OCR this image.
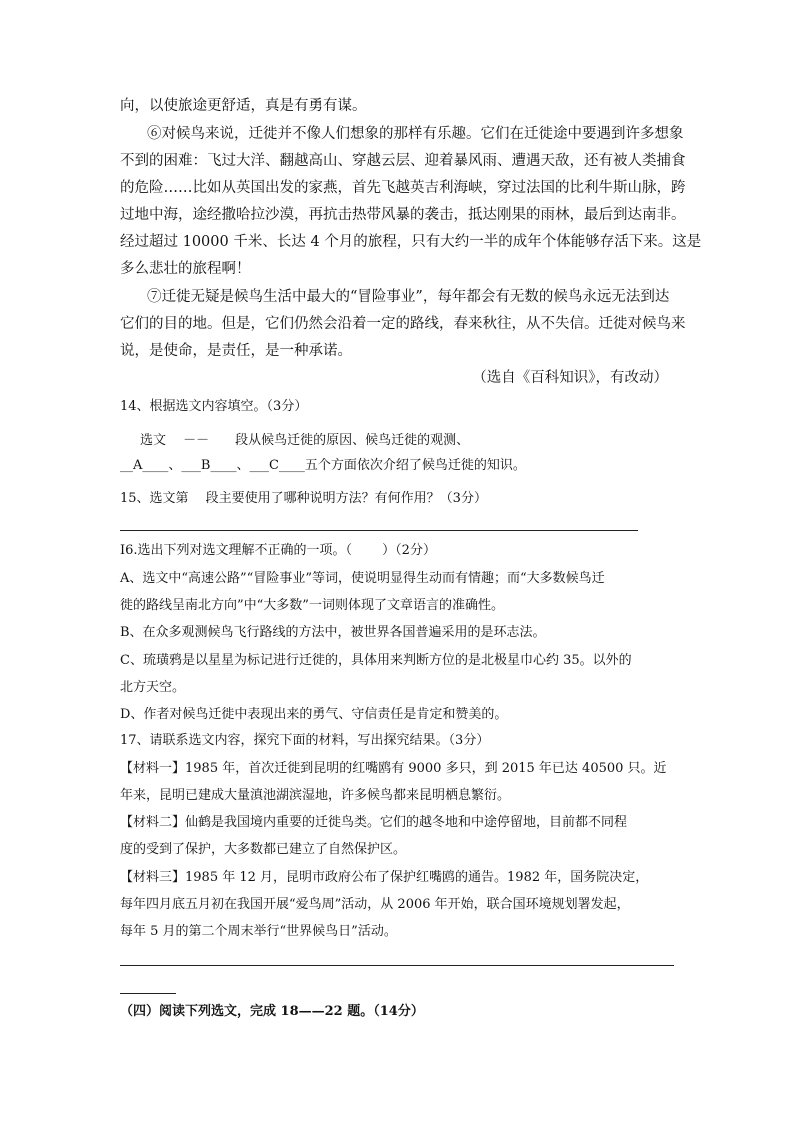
向，以使旅途更舒适，真是有勇有谋。
⑥对候鸟来说，迁徙并不像人们想象的那样有乐趣。它们在迁徙途中要遇到许多想象
不到的困难：飞过大洋、翻越高山、穿越云层、迎着暴风雨、遭遇天敌，还有被人类捕食
的危险……比如从英国出发的家燕，首先飞越英吉利海峡，穿过法国的比利牛斯山脉，跨
过地中海，途经撒哈拉沙漠，再抗击热带风暴的袭击，抵达刚果的雨林，最后到达南非。
经过超过 10000 千米、长达 4 个月的旅程，只有大约一半的成年个体能够存活下来。这是
多么悲壮的旅程啊！
⑦迁徙无疑是候鸟生活中最大的“冒险事业”，每年都会有无数的候鸟永远无法到达
它们的目的地。但是，它们仍然会沿着一定的路线，春来秋往，从不失信。迁徙对候鸟来
说，是使命，是责任，是一种承诺。
（选自《百科知识》，有改动）
14、根据选文内容填空。（3分）
选文 　－－　　段从候鸟迁徙的原因、候鸟迁徙的观测、
__A____、___B____、___C____五个方面依次介绍了候鸟迁徙的知识。
15、选文第　 段主要使用了哪种说明方法？有何作用？（3分）
I6.选出下列对选文理解不正确的一项。（　　 ）（2分）
A、选文中“高速公路”“冒险事业”等词，使说明显得生动而有情趣；而“大多数候鸟迁
徙的路线呈南北方向”中“大多数”一词则体现了文章语言的准确性。
B、在众多观测候鸟飞行路线的方法中，被世界各国普遍采用的是环志法。
C、琉璜鸦是以星星为标记进行迁徙的，具体用来判断方位的是北极星巾心约 35。以外的
北方天空。
D、作者对候鸟迁徙中表现出来的勇气、守信责任是肯定和赞美的。
17、请联系选文内容，探究下面的材料，写出探究结果。（3分）
【材料一】1985 年，首次迁徙到昆明的红嘴鸥有 9000 多只，到 2015 年已达 40500 只。近
年来，昆明已建成大量滇池湖滨湿地，许多候鸟都来昆明栖息繁衍。
【材料二】仙鹤是我国境内重要的迁徙鸟类。它们的越冬地和中途停留地，目前都不同程
度的受到了保护，大多数都已建立了自然保护区。
【材料三】1985 年 12 月，昆明市政府公布了保护红嘴鸥的通告。1982 年，国务院决定，
每年四月底五月初在我国开展“爱鸟周”活动，从 2006 年开始，联合国环境规划署发起，
每年 5 月的第二个周末举行“世界候鸟日”活动。
（四）阅读下列选文，完成 18——22 题。（14分）
